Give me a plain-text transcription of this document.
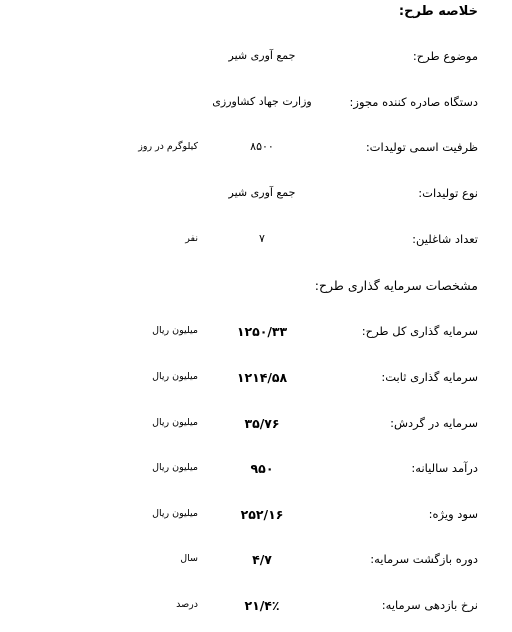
خلاصه طرح:
موضوع طرح:
جمع آوری شیر
دستگاه صادره کننده مجوز:
وزارت جهاد کشاورزی
ظرفیت اسمی تولیدات:
۸۵۰۰
کیلوگرم در روز
نوع تولیدات:
جمع آوری شیر
تعداد شاغلین:
۷
نفر
مشخصات سرمایه گذاری طرح:
سرمایه گذاری کل طرح:
۱۲۵۰/۳۳
میلیون ریال
سرمایه گذاری ثابت:
۱۲۱۴/۵۸
میلیون ریال
سرمایه در گردش:
۳۵/۷۶
میلیون ریال
درآمد سالیانه:
۹۵۰
میلیون ریال
سود ویژه:
۲۵۲/۱۶
میلیون ریال
دوره بازگشت سرمایه:
۴/۷
سال
نرخ بازدهی سرمایه:
۲۱/۴٪
درصد
